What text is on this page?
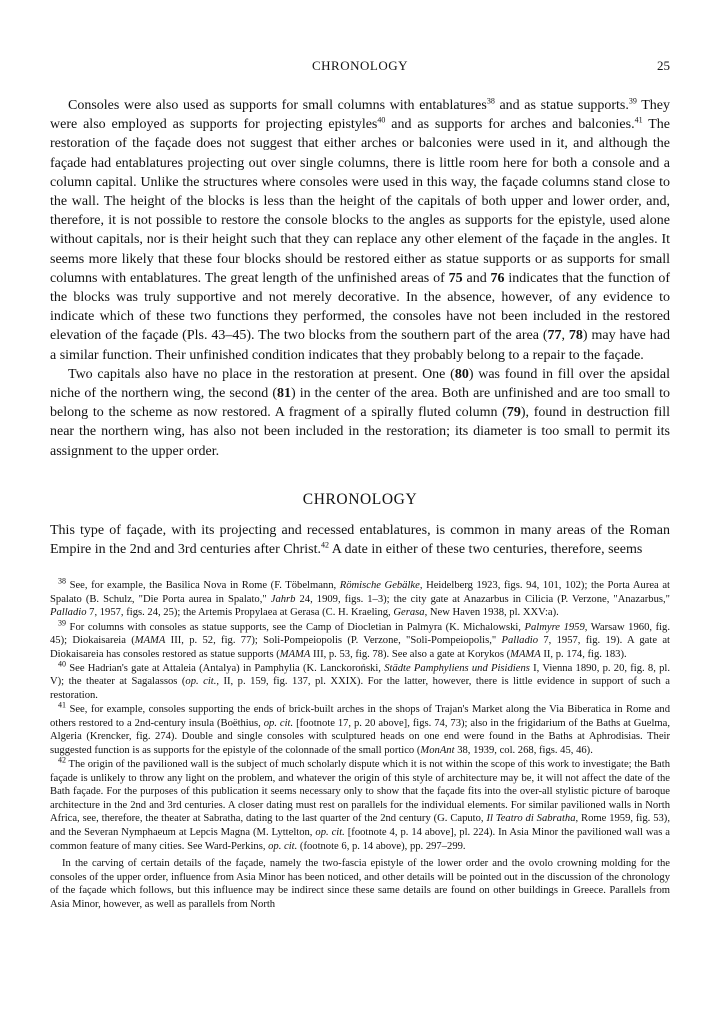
CHRONOLOGY	25

Consoles were also used as supports for small columns with entablatures$^{38}$ and as statue supports.$^{39}$ They were also employed as supports for projecting epistyles$^{40}$ and as supports for arches and balconies.$^{41}$ The restoration of the façade does not suggest that either arches or balconies were used in it, and although the façade had entablatures projecting out over single columns, there is little room here for both a console and a column capital. Unlike the structures where consoles were used in this way, the façade columns stand close to the wall. The height of the blocks is less than the height of the capitals of both upper and lower order, and, therefore, it is not possible to restore the console blocks to the angles as supports for the epistyle, used alone without capitals, nor is their height such that they can replace any other element of the façade in the angles. It seems more likely that these four blocks should be restored either as statue supports or as supports for small columns with entablatures. The great length of the unfinished areas of 75 and 76 indicates that the function of the blocks was truly supportive and not merely decorative. In the absence, however, of any evidence to indicate which of these two functions they performed, the consoles have not been included in the restored elevation of the façade (Pls. 43–45). The two blocks from the southern part of the area (77, 78) may have had a similar function. Their unfinished condition indicates that they probably belong to a repair to the façade.

Two capitals also have no place in the restoration at present. One (80) was found in fill over the apsidal niche of the northern wing, the second (81) in the center of the area. Both are unfinished and are too small to belong to the scheme as now restored. A fragment of a spirally fluted column (79), found in destruction fill near the northern wing, has also not been included in the restoration; its diameter is too small to permit its assignment to the upper order.

CHRONOLOGY

This type of façade, with its projecting and recessed entablatures, is common in many areas of the Roman Empire in the 2nd and 3rd centuries after Christ.$^{42}$ A date in either of these two centuries, therefore, seems

$^{38}$ See, for example, the Basilica Nova in Rome (F. Töbelmann, Römische Gebälke, Heidelberg 1923, figs. 94, 101, 102); the Porta Aurea at Spalato (B. Schulz, "Die Porta aurea in Spalato," Jahrb 24, 1909, figs. 1–3); the city gate at Anazarbus in Cilicia (P. Verzone, "Anazarbus," Palladio 7, 1957, figs. 24, 25); the Artemis Propylaea at Gerasa (C. H. Kraeling, Gerasa, New Haven 1938, pl. XXV:a).

$^{39}$ For columns with consoles as statue supports, see the Camp of Diocletian in Palmyra (K. Michalowski, Palmyre 1959, Warsaw 1960, fig. 45); Diokaisareia (MAMA III, p. 52, fig. 77); Soli-Pompeiopolis (P. Verzone, "Soli-Pompeiopolis," Palladio 7, 1957, fig. 19). A gate at Diokaisareia has consoles restored as statue supports (MAMA III, p. 53, fig. 78). See also a gate at Korykos (MAMA II, p. 174, fig. 183).

$^{40}$ See Hadrian's gate at Attaleia (Antalya) in Pamphylia (K. Lanckoroński, Städte Pamphyliens und Pisidiens I, Vienna 1890, p. 20, fig. 8, pl. V); the theater at Sagalassos (op. cit., II, p. 159, fig. 137, pl. XXIX). For the latter, however, there is little evidence in support of such a restoration.

$^{41}$ See, for example, consoles supporting the ends of brick-built arches in the shops of Trajan's Market along the Via Biberatica in Rome and others restored to a 2nd-century insula (Boëthius, op. cit. [footnote 17, p. 20 above], figs. 74, 73); also in the frigidarium of the Baths at Guelma, Algeria (Krencker, fig. 274). Double and single consoles with sculptured heads on one end were found in the Baths at Aphrodisias. Their suggested function is as supports for the epistyle of the colonnade of the small portico (MonAnt 38, 1939, col. 268, figs. 45, 46).

$^{42}$ The origin of the pavilioned wall is the subject of much scholarly dispute which it is not within the scope of this work to investigate; the Bath façade is unlikely to throw any light on the problem, and whatever the origin of this style of architecture may be, it will not affect the date of the Bath façade. For the purposes of this publication it seems necessary only to show that the façade fits into the over-all stylistic picture of baroque architecture in the 2nd and 3rd centuries. A closer dating must rest on parallels for the individual elements. For similar pavilioned walls in North Africa, see, therefore, the theater at Sabratha, dating to the last quarter of the 2nd century (G. Caputo, Il Teatro di Sabratha, Rome 1959, fig. 53), and the Severan Nymphaeum at Lepcis Magna (M. Lyttelton, op. cit. [footnote 4, p. 14 above], pl. 224). In Asia Minor the pavilioned wall was a common feature of many cities. See Ward-Perkins, op. cit. (footnote 6, p. 14 above), pp. 297–299.

In the carving of certain details of the façade, namely the two-fascia epistyle of the lower order and the ovolo crowning molding for the consoles of the upper order, influence from Asia Minor has been noticed, and other details will be pointed out in the discussion of the chronology of the façade which follows, but this influence may be indirect since these same details are found on other buildings in Greece. Parallels from Asia Minor, however, as well as parallels from North
